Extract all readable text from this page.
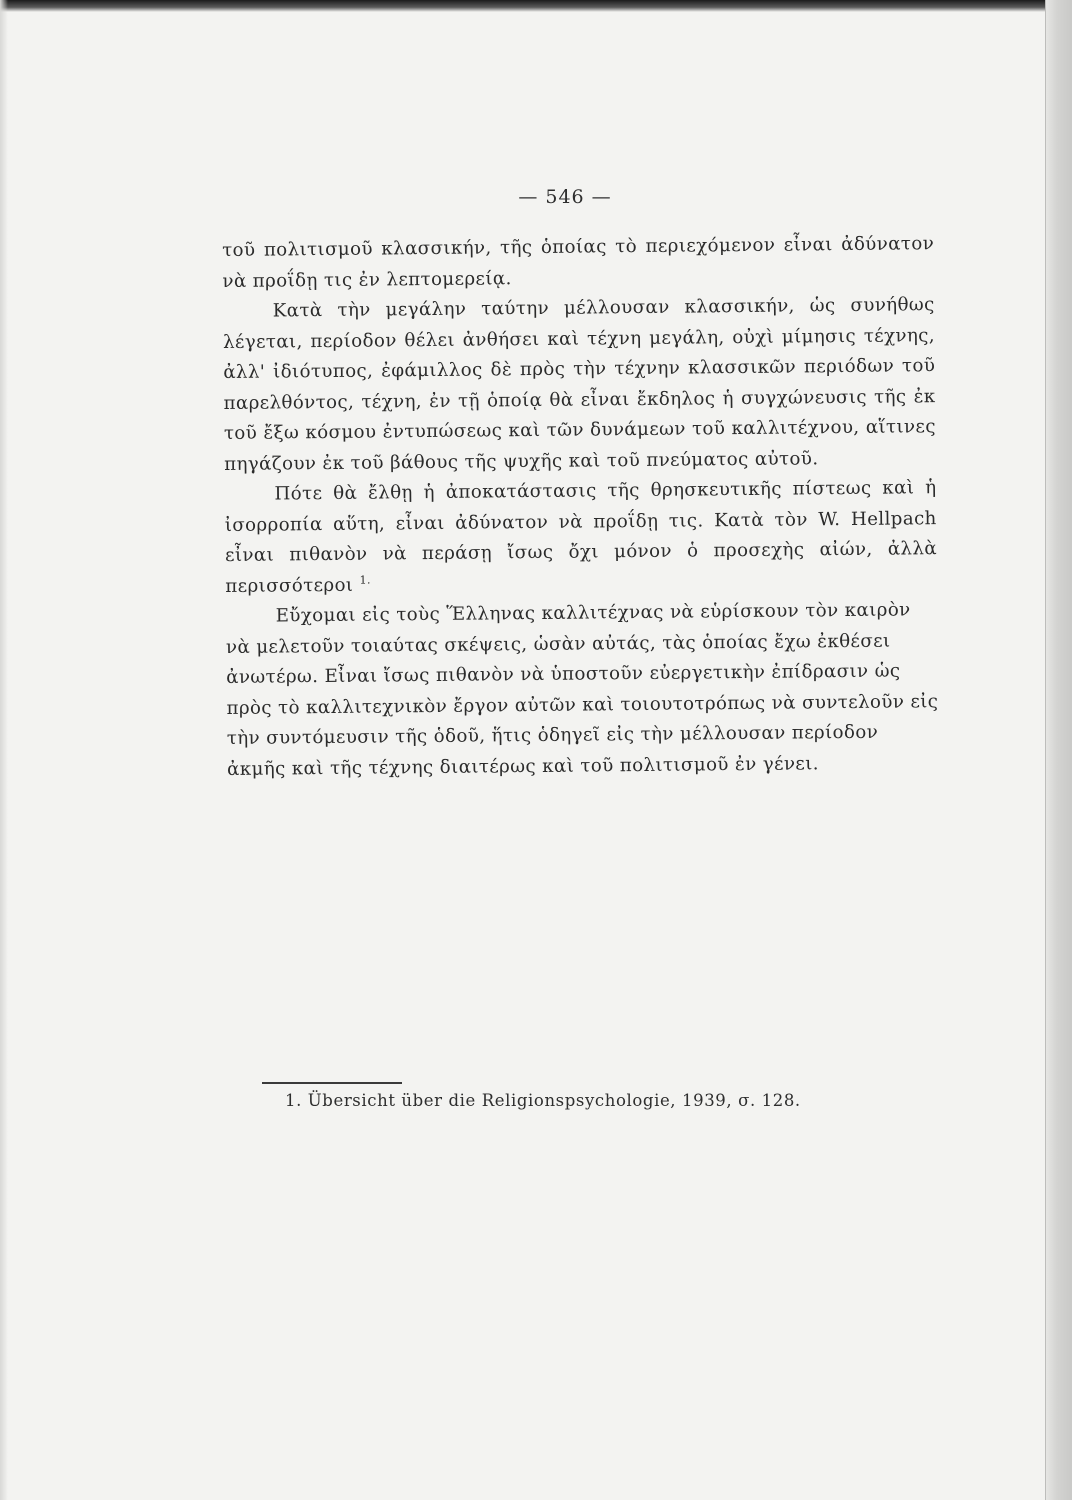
— 546 —

τοῦ πολιτισμοῦ κλασσικήν, τῆς ὁποίας τὸ περιεχόμενον εἶναι ἀδύνατον νὰ προΐδῃ τις ἐν λεπτομερείᾳ.

Κατὰ τὴν μεγάλην ταύτην μέλλουσαν κλασσικήν, ὡς συνήθως λέγεται, περίοδον θέλει ἀνθήσει καὶ τέχνη μεγάλη, οὐχὶ μίμησις τέχνης, ἀλλ' ἰδιότυπος, ἐφάμιλλος δὲ πρὸς τὴν τέχνην κλασσικῶν περιόδων τοῦ παρελθόντος, τέχνη, ἐν τῇ ὁποίᾳ θὰ εἶναι ἔκδηλος ἡ συγχώνευσις τῆς ἐκ τοῦ ἔξω κόσμου ἐντυπώσεως καὶ τῶν δυνάμεων τοῦ καλλιτέχνου, αἵτινες πηγάζουν ἐκ τοῦ βάθους τῆς ψυχῆς καὶ τοῦ πνεύματος αὐτοῦ.

Πότε θὰ ἔλθῃ ἡ ἀποκατάστασις τῆς θρησκευτικῆς πίστεως καὶ ἡ ἰσορροπία αὕτη, εἶναι ἀδύνατον νὰ προΐδῃ τις. Κατὰ τὸν W. Hellpach εἶναι πιθανὸν νὰ περάσῃ ἴσως ὄχι μόνον ὁ προσεχὴς αἰών, ἀλλὰ περισσότεροι $^{1.}$

Εὔχομαι εἰς τοὺς Ἕλληνας καλλιτέχνας νὰ εὑρίσκουν τὸν καιρὸν νὰ μελετοῦν τοιαύτας σκέψεις, ὡσὰν αὐτάς, τὰς ὁποίας ἔχω ἐκθέσει ἀνωτέρω. Εἶναι ἴσως πιθανὸν νὰ ὑποστοῦν εὐεργετικὴν ἐπίδρασιν ὡς πρὸς τὸ καλλιτεχνικὸν ἔργον αὐτῶν καὶ τοιουτοτρόπως νὰ συντελοῦν εἰς τὴν συντόμευσιν τῆς ὁδοῦ, ἥτις ὁδηγεῖ εἰς τὴν μέλλουσαν περίοδον ἀκμῆς καὶ τῆς τέχνης διαιτέρως καὶ τοῦ πολιτισμοῦ ἐν γένει.

1. Übersicht über die Religionspsychologie, 1939, σ. 128.
